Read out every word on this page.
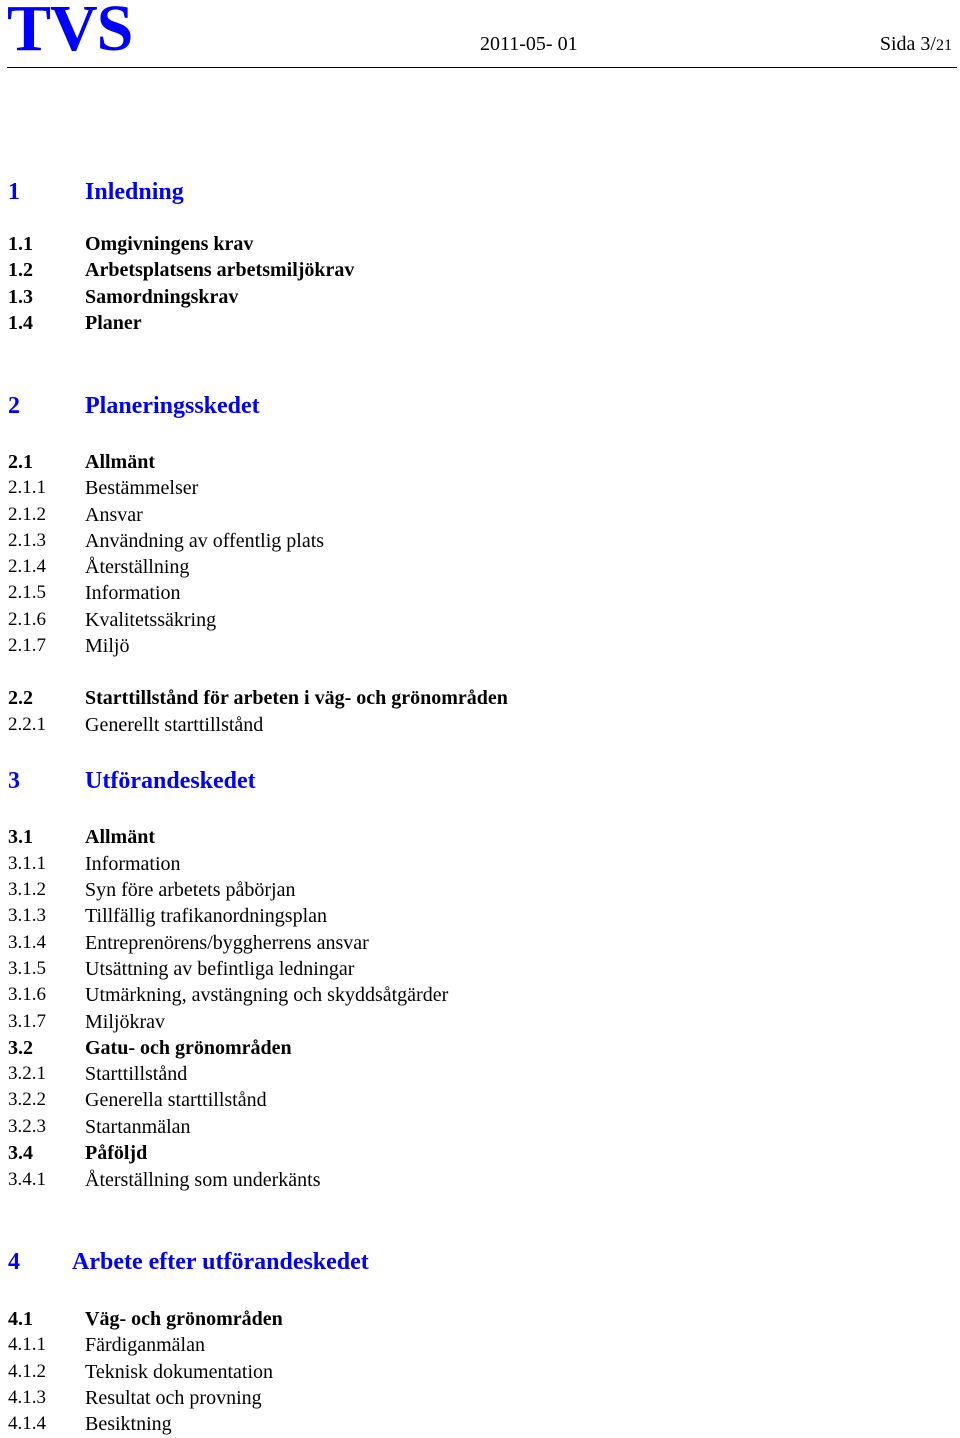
TVS	2011-05- 01	Sida 3/21
1	Inledning
1.1	Omgivningens krav
1.2	Arbetsplatsens arbetsmiljökrav
1.3	Samordningskrav
1.4	Planer
2	Planeringsskedet
2.1	Allmänt
2.1.1 Bestämmelser
2.1.2 Ansvar
2.1.3 Användning av offentlig plats
2.1.4 Återställning
2.1.5 Information
2.1.6 Kvalitetssäkring
2.1.7 Miljö
2.2	Starttillstånd för arbeten i väg- och grönområden
2.2.1 Generellt starttillstånd
3	Utförandeskedet
3.1	Allmänt
3.1.1 Information
3.1.2 Syn före arbetets påbörjan
3.1.3 Tillfällig trafikanordningsplan
3.1.4 Entreprenörens/byggherrens ansvar
3.1.5 Utsättning av befintliga ledningar
3.1.6 Utmärkning, avstängning och skyddsåtgärder
3.1.7 Miljökrav
3.2	Gatu- och grönområden
3.2.1 Starttillstånd
3.2.2 Generella starttillstånd
3.2.3 Startanmälan
3.4	Påföljd
3.4.1 Återställning som underkänts
4 Arbete efter utförandeskedet
4.1	Väg- och grönområden
4.1.1 Färdiganmälan
4.1.2 Teknisk dokumentation
4.1.3 Resultat och provning
4.1.4 Besiktning
